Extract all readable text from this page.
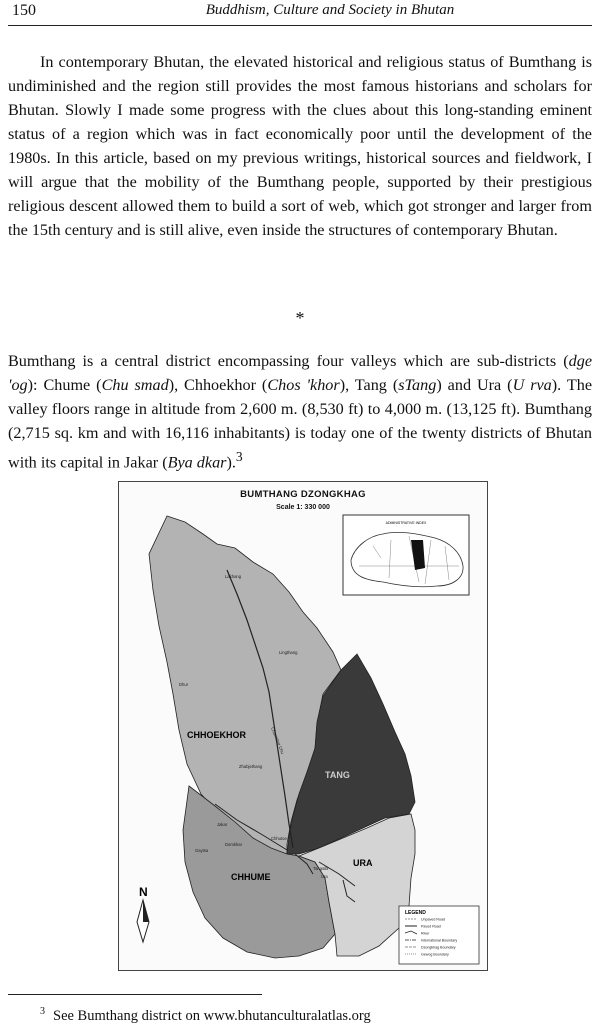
150	Buddhism, Culture and Society in Bhutan

In contemporary Bhutan, the elevated historical and religious status of Bumthang is undiminished and the region still provides the most famous historians and scholars for Bhutan. Slowly I made some progress with the clues about this long-standing eminent status of a region which was in fact economically poor until the development of the 1980s. In this article, based on my previous writings, historical sources and fieldwork, I will argue that the mobility of the Bumthang people, supported by their prestigious religious descent allowed them to build a sort of web, which got stronger and larger from the 15th century and is still alive, even inside the structures of contemporary Bhutan.

*

Bumthang is a central district encompassing four valleys which are sub-districts (dge 'og): Chume (Chu smad), Chhoekhor (Chos 'khor), Tang (sTang) and Ura (U rva). The valley floors range in altitude from 2,600 m. (8,530 ft) to 4,000 m. (13,125 ft). Bumthang (2,715 sq. km and with 16,116 inhabitants) is today one of the twenty districts of Bhutan with its capital in Jakar (Bya dkar).$^3$

BUMTHANG DZONGKHAG
Scale 1: 330 000
ADMINISTRATIVE INDEX
CHHOEKHOR
TANG
CHHUME
URA
Lakhang
Lingthang
Dhur
Chamkhar Chu
Zhabjethang
Jakar
Gaytsa
Domkhar
Chhutoe
Tangsibi
Ura
N
LEGEND
Unpaved Road
Paved Road
River
International Boundary
Dzongkhag Boundary
Gewog Boundary
$^3$ See Bumthang district on www.bhutanculturalatlas.org
